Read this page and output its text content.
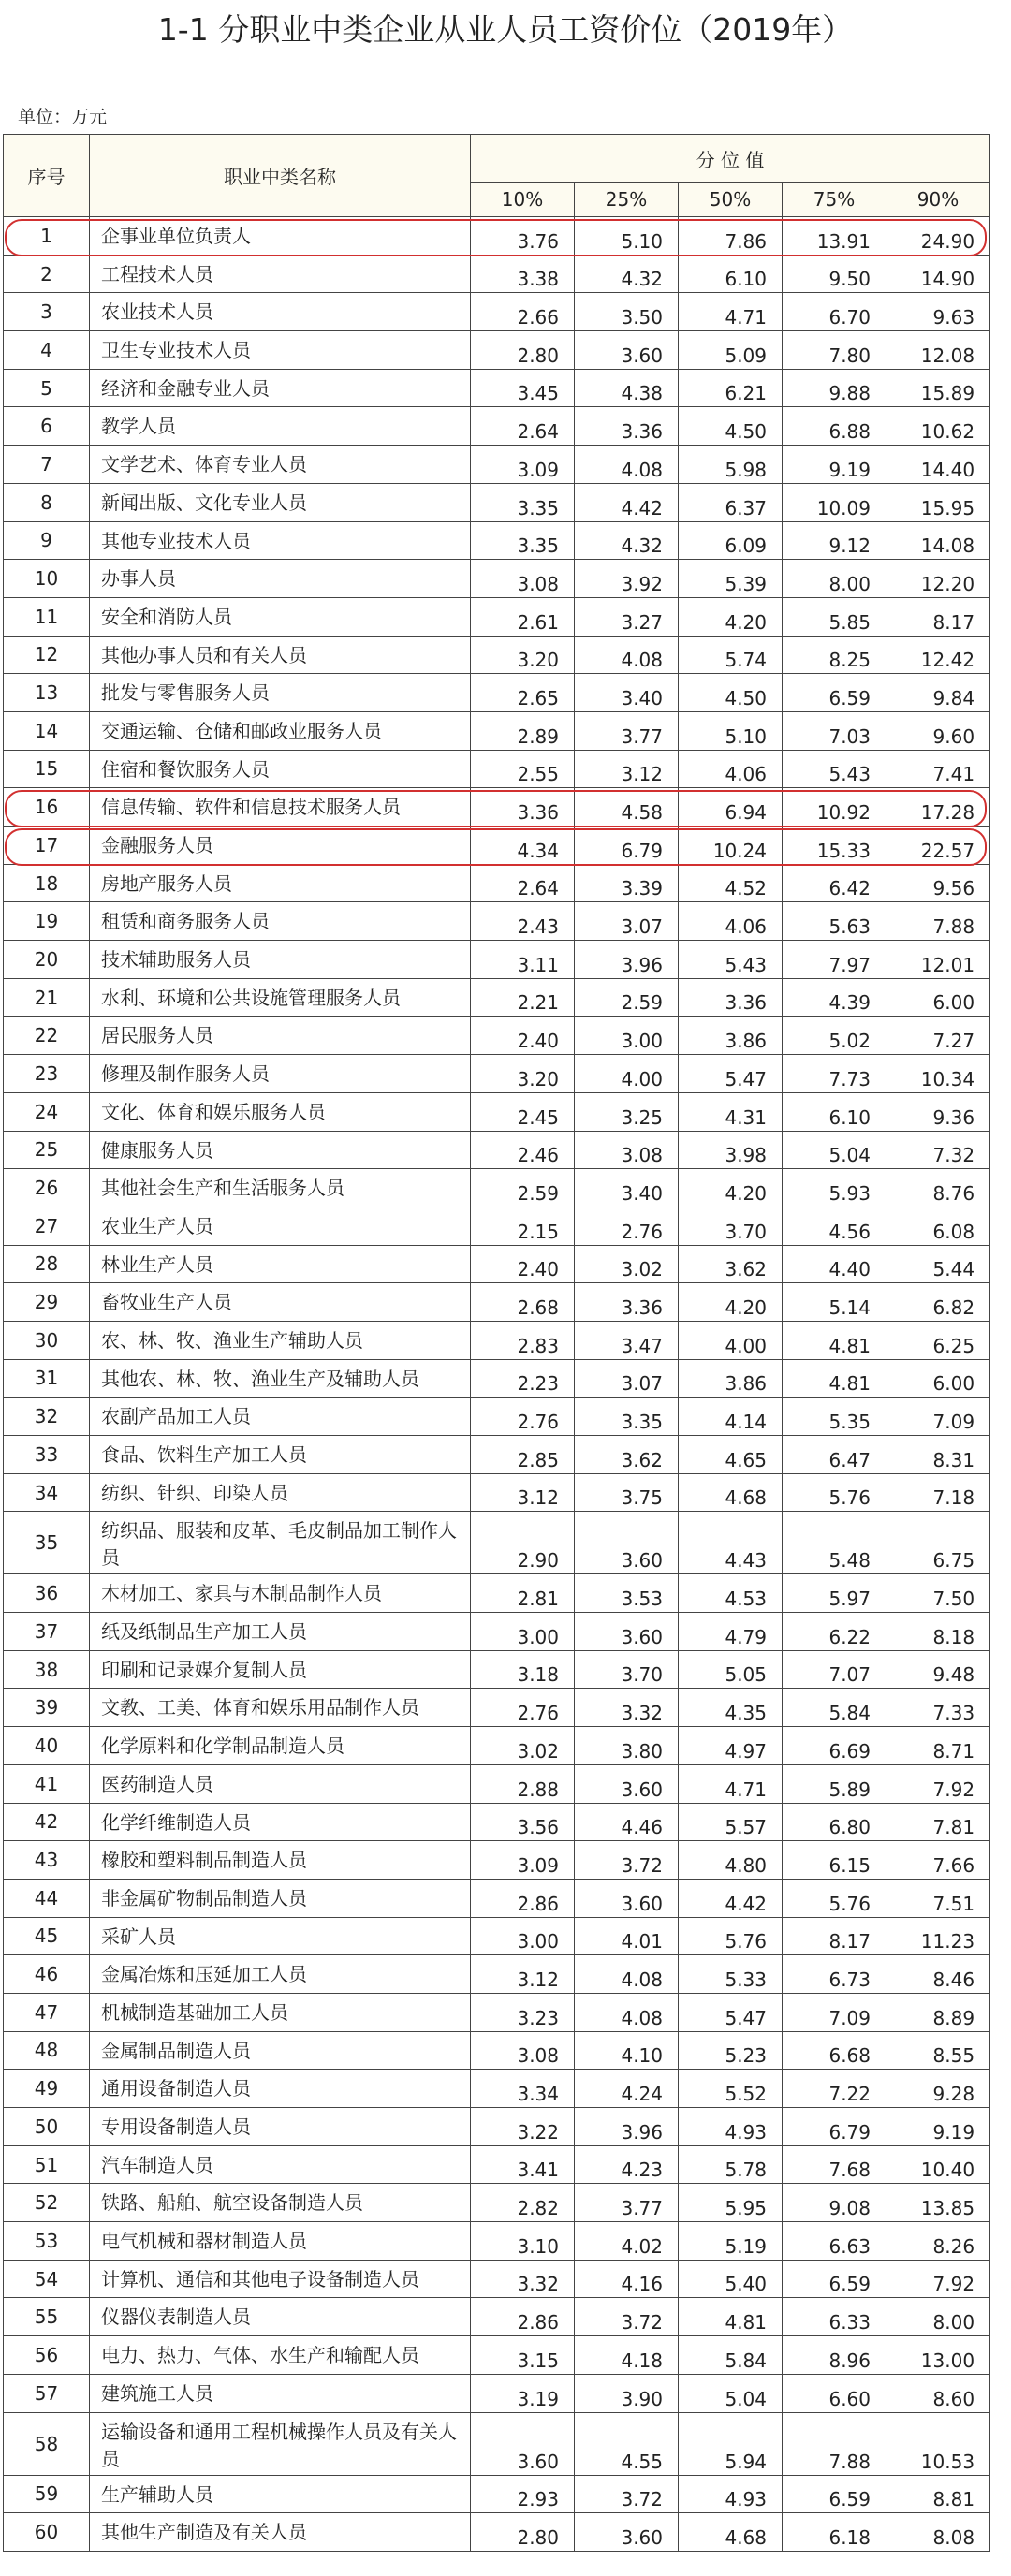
1-1 分职业中类企业从业人员工资价位（2019年）
单位：万元
序号	职业中类名称	分 位 值				
		10%	25%	50%	75%	90%
1	企事业单位负责人	3.76	5.10	7.86	13.91	24.90
2	工程技术人员	3.38	4.32	6.10	9.50	14.90
3	农业技术人员	2.66	3.50	4.71	6.70	9.63
4	卫生专业技术人员	2.80	3.60	5.09	7.80	12.08
5	经济和金融专业人员	3.45	4.38	6.21	9.88	15.89
6	教学人员	2.64	3.36	4.50	6.88	10.62
7	文学艺术、体育专业人员	3.09	4.08	5.98	9.19	14.40
8	新闻出版、文化专业人员	3.35	4.42	6.37	10.09	15.95
9	其他专业技术人员	3.35	4.32	6.09	9.12	14.08
10	办事人员	3.08	3.92	5.39	8.00	12.20
11	安全和消防人员	2.61	3.27	4.20	5.85	8.17
12	其他办事人员和有关人员	3.20	4.08	5.74	8.25	12.42
13	批发与零售服务人员	2.65	3.40	4.50	6.59	9.84
14	交通运输、仓储和邮政业服务人员	2.89	3.77	5.10	7.03	9.60
15	住宿和餐饮服务人员	2.55	3.12	4.06	5.43	7.41
16	信息传输、软件和信息技术服务人员	3.36	4.58	6.94	10.92	17.28
17	金融服务人员	4.34	6.79	10.24	15.33	22.57
18	房地产服务人员	2.64	3.39	4.52	6.42	9.56
19	租赁和商务服务人员	2.43	3.07	4.06	5.63	7.88
20	技术辅助服务人员	3.11	3.96	5.43	7.97	12.01
21	水利、环境和公共设施管理服务人员	2.21	2.59	3.36	4.39	6.00
22	居民服务人员	2.40	3.00	3.86	5.02	7.27
23	修理及制作服务人员	3.20	4.00	5.47	7.73	10.34
24	文化、体育和娱乐服务人员	2.45	3.25	4.31	6.10	9.36
25	健康服务人员	2.46	3.08	3.98	5.04	7.32
26	其他社会生产和生活服务人员	2.59	3.40	4.20	5.93	8.76
27	农业生产人员	2.15	2.76	3.70	4.56	6.08
28	林业生产人员	2.40	3.02	3.62	4.40	5.44
29	畜牧业生产人员	2.68	3.36	4.20	5.14	6.82
30	农、林、牧、渔业生产辅助人员	2.83	3.47	4.00	4.81	6.25
31	其他农、林、牧、渔业生产及辅助人员	2.23	3.07	3.86	4.81	6.00
32	农副产品加工人员	2.76	3.35	4.14	5.35	7.09
33	食品、饮料生产加工人员	2.85	3.62	4.65	6.47	8.31
34	纺织、针织、印染人员	3.12	3.75	4.68	5.76	7.18
35	纺织品、服装和皮革、毛皮制品加工制作人员	2.90	3.60	4.43	5.48	6.75
36	木材加工、家具与木制品制作人员	2.81	3.53	4.53	5.97	7.50
37	纸及纸制品生产加工人员	3.00	3.60	4.79	6.22	8.18
38	印刷和记录媒介复制人员	3.18	3.70	5.05	7.07	9.48
39	文教、工美、体育和娱乐用品制作人员	2.76	3.32	4.35	5.84	7.33
40	化学原料和化学制品制造人员	3.02	3.80	4.97	6.69	8.71
41	医药制造人员	2.88	3.60	4.71	5.89	7.92
42	化学纤维制造人员	3.56	4.46	5.57	6.80	7.81
43	橡胶和塑料制品制造人员	3.09	3.72	4.80	6.15	7.66
44	非金属矿物制品制造人员	2.86	3.60	4.42	5.76	7.51
45	采矿人员	3.00	4.01	5.76	8.17	11.23
46	金属冶炼和压延加工人员	3.12	4.08	5.33	6.73	8.46
47	机械制造基础加工人员	3.23	4.08	5.47	7.09	8.89
48	金属制品制造人员	3.08	4.10	5.23	6.68	8.55
49	通用设备制造人员	3.34	4.24	5.52	7.22	9.28
50	专用设备制造人员	3.22	3.96	4.93	6.79	9.19
51	汽车制造人员	3.41	4.23	5.78	7.68	10.40
52	铁路、船舶、航空设备制造人员	2.82	3.77	5.95	9.08	13.85
53	电气机械和器材制造人员	3.10	4.02	5.19	6.63	8.26
54	计算机、通信和其他电子设备制造人员	3.32	4.16	5.40	6.59	7.92
55	仪器仪表制造人员	2.86	3.72	4.81	6.33	8.00
56	电力、热力、气体、水生产和输配人员	3.15	4.18	5.84	8.96	13.00
57	建筑施工人员	3.19	3.90	5.04	6.60	8.60
58	运输设备和通用工程机械操作人员及有关人员	3.60	4.55	5.94	7.88	10.53
59	生产辅助人员	2.93	3.72	4.93	6.59	8.81
60	其他生产制造及有关人员	2.80	3.60	4.68	6.18	8.08
